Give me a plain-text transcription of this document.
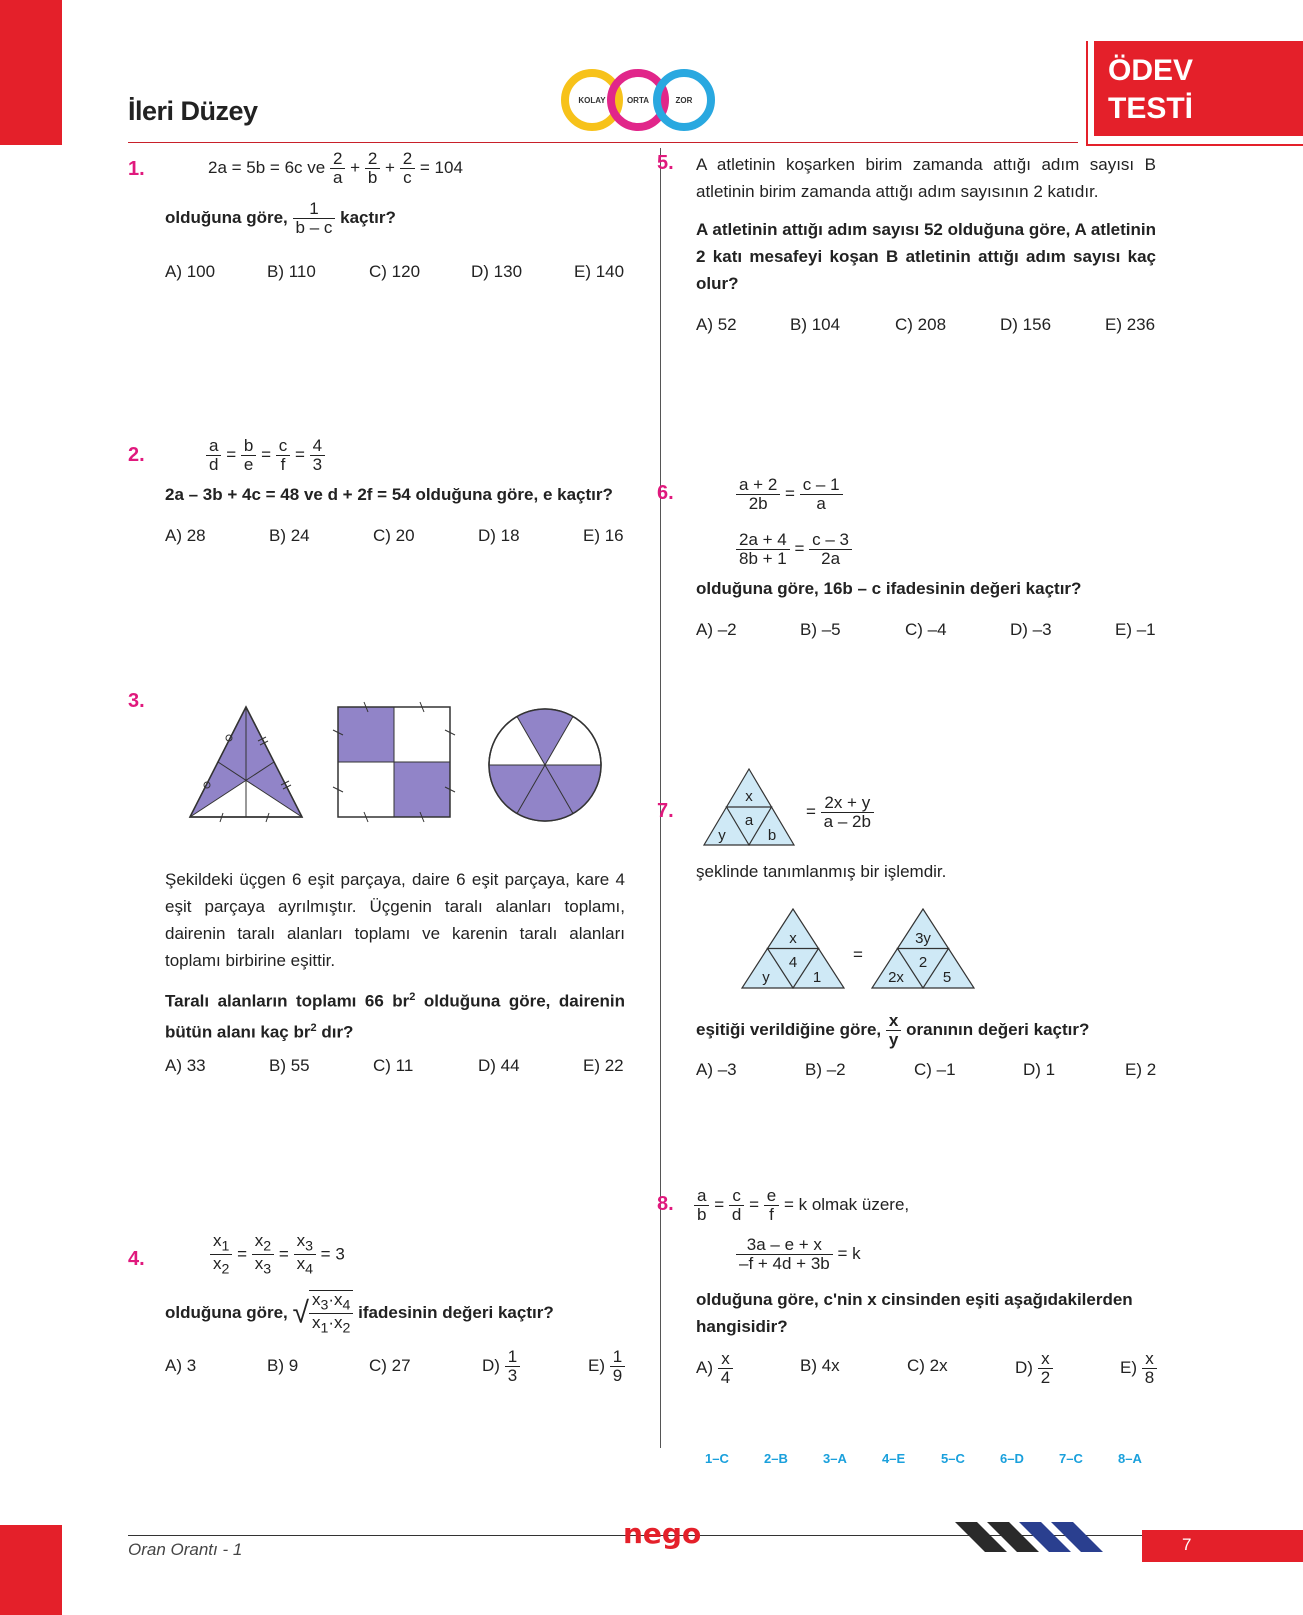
İleri Düzey	KOLAY	ORTA	ZOR
ÖDEV
TESTİ
1.	2a = 5b = 6c ve $\frac{2}{a} + \frac{2}{b} + \frac{2}{c} = 104$
olduğuna göre, $\frac{1}{b - c}$ kaçtır?
A) 100	B) 110	C) 120	D) 130	E) 140
2.	$\frac{a}{d} = \frac{b}{e} = \frac{c}{f} = \frac{4}{3}$
2a – 3b + 4c = 48 ve d + 2f = 54 olduğuna göre, e kaçtır?
A) 28	B) 24	C) 20	D) 18	E) 16
3.
Şekildeki üçgen 6 eşit parçaya, daire 6 eşit parçaya, kare 4 eşit parçaya ayrılmıştır. Üçgenin taralı alanları toplamı, dairenin taralı alanları toplamı ve karenin taralı alanları toplamı birbirine eşittir.
Taralı alanların toplamı 66 $br^2$ olduğuna göre, dairenin bütün alanı kaç $br^2$ dır?
A) 33	B) 55	C) 11	D) 44	E) 22
4.	$\frac{x_1}{x_2} = \frac{x_2}{x_3} = \frac{x_3}{x_4} = 3$
olduğuna göre, √ $\frac{x_3\cdot x_4}{x_1\cdot x_2}$ ifadesinin değeri kaçtır?
A) 3	B) 9	C) 27	$D) \frac{1}{3}$	$E) \frac{1}{9}$
5. A atletinin koşarken birim zamanda attığı adım sayısı B atletinin birim zamanda attığı adım sayısının 2 katıdır.
A atletinin attığı adım sayısı 52 olduğuna göre, A atletinin 2 katı mesafeyi koşan B atletinin attığı adım sayısı kaç olur?
A) 52	B) 104	C) 208	D) 156	E) 236
6.	$\frac{a + 2}{2b} = \frac{c - 1}{a}$
$\frac{2a + 4}{8b + 1} = \frac{c - 3}{2a}$
olduğuna göre, 16b – c ifadesinin değeri kaçtır?
A) –2	B) –5	C) –4	D) –3	E) –1
7.
x
a
y	b
= $\frac{2x + y}{a - 2b}$
şeklinde tanımlanmış bir işlemdir.
x
4
y	1
=
3y
2
2x	5
eşitiği verildiğine göre, $\frac{x}{y}$ oranının değeri kaçtır?
A) –3	B) –2	C) –1	D) 1	E) 2
8. $\frac{a}{b} = \frac{c}{d} = \frac{e}{f} = k$ olmak üzere,
$\frac{3a - e + x}{-f + 4d + 3b} = k$
olduğuna göre, c'nin x cinsinden eşiti aşağıdakilerden hangisidir?
$A) \frac{x}{4}$	B) 4x	C) 2x	$D) \frac{x}{2}$	$E) \frac{x}{8}$
1–C	2–B	3–A	4–E	5–C	6–D	7–C	8–A
Oran Orantı - 1	nego	7
